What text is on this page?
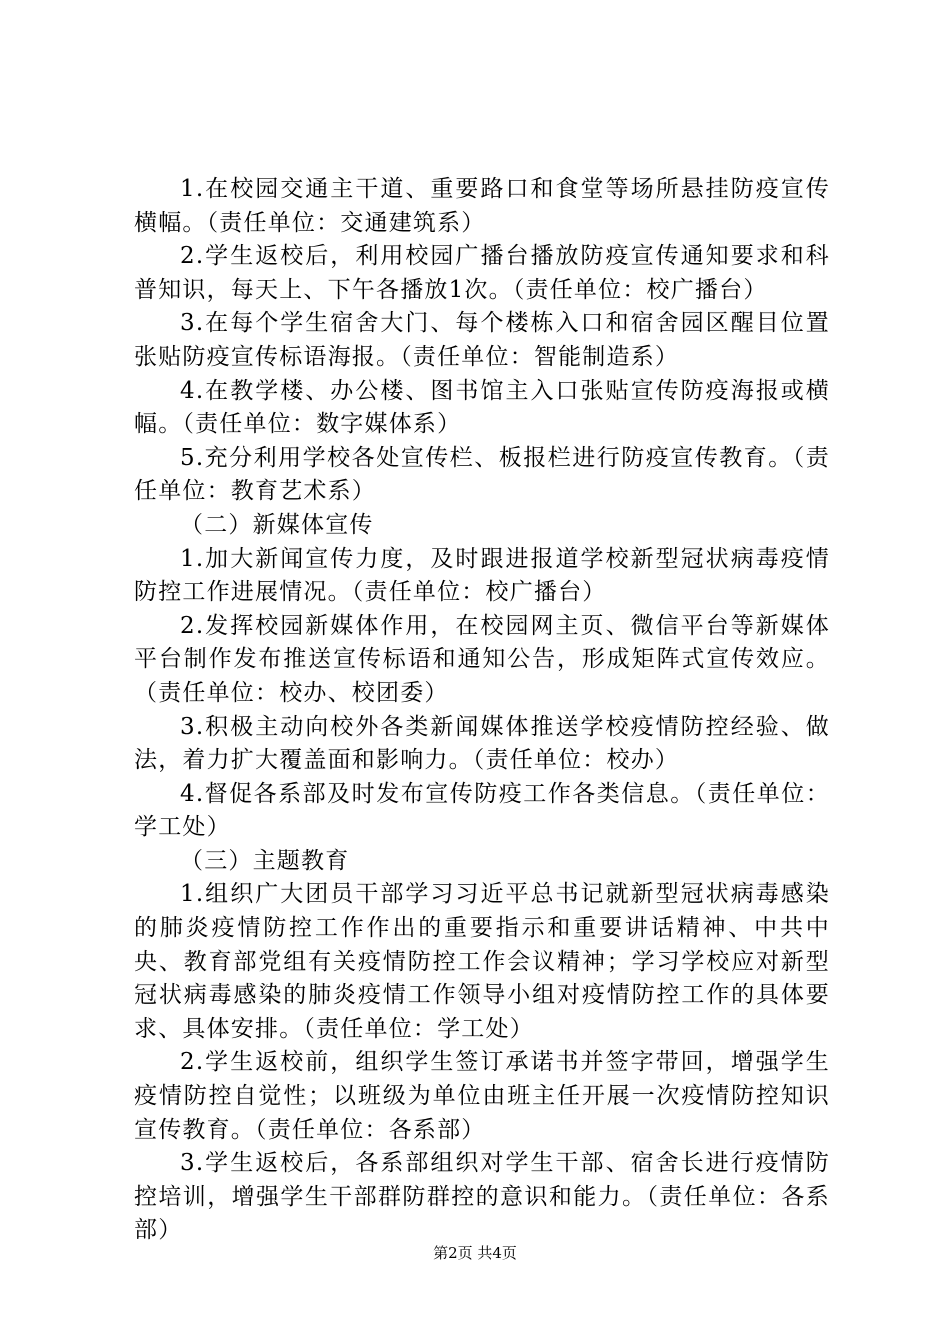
1.在校园交通主干道、重要路口和食堂等场所悬挂防疫宣传横幅。（责任单位：交通建筑系）

2.学生返校后，利用校园广播台播放防疫宣传通知要求和科普知识，每天上、下午各播放1次。（责任单位：校广播台）

3.在每个学生宿舍大门、每个楼栋入口和宿舍园区醒目位置张贴防疫宣传标语海报。（责任单位：智能制造系）

4.在教学楼、办公楼、图书馆主入口张贴宣传防疫海报或横幅。（责任单位：数字媒体系）

5.充分利用学校各处宣传栏、板报栏进行防疫宣传教育。（责任单位：教育艺术系）

（二）新媒体宣传

1.加大新闻宣传力度，及时跟进报道学校新型冠状病毒疫情防控工作进展情况。（责任单位：校广播台）

2.发挥校园新媒体作用，在校园网主页、微信平台等新媒体平台制作发布推送宣传标语和通知公告，形成矩阵式宣传效应。（责任单位：校办、校团委）

3.积极主动向校外各类新闻媒体推送学校疫情防控经验、做法，着力扩大覆盖面和影响力。（责任单位：校办）

4.督促各系部及时发布宣传防疫工作各类信息。（责任单位：学工处）

（三）主题教育

1.组织广大团员干部学习习近平总书记就新型冠状病毒感染的肺炎疫情防控工作作出的重要指示和重要讲话精神、中共中央、教育部党组有关疫情防控工作会议精神；学习学校应对新型冠状病毒感染的肺炎疫情工作领导小组对疫情防控工作的具体要求、具体安排。（责任单位：学工处）

2.学生返校前，组织学生签订承诺书并签字带回，增强学生疫情防控自觉性；以班级为单位由班主任开展一次疫情防控知识宣传教育。（责任单位：各系部）

3.学生返校后，各系部组织对学生干部、宿舍长进行疫情防控培训，增强学生干部群防群控的意识和能力。（责任单位：各系部）

第2页 共4页
